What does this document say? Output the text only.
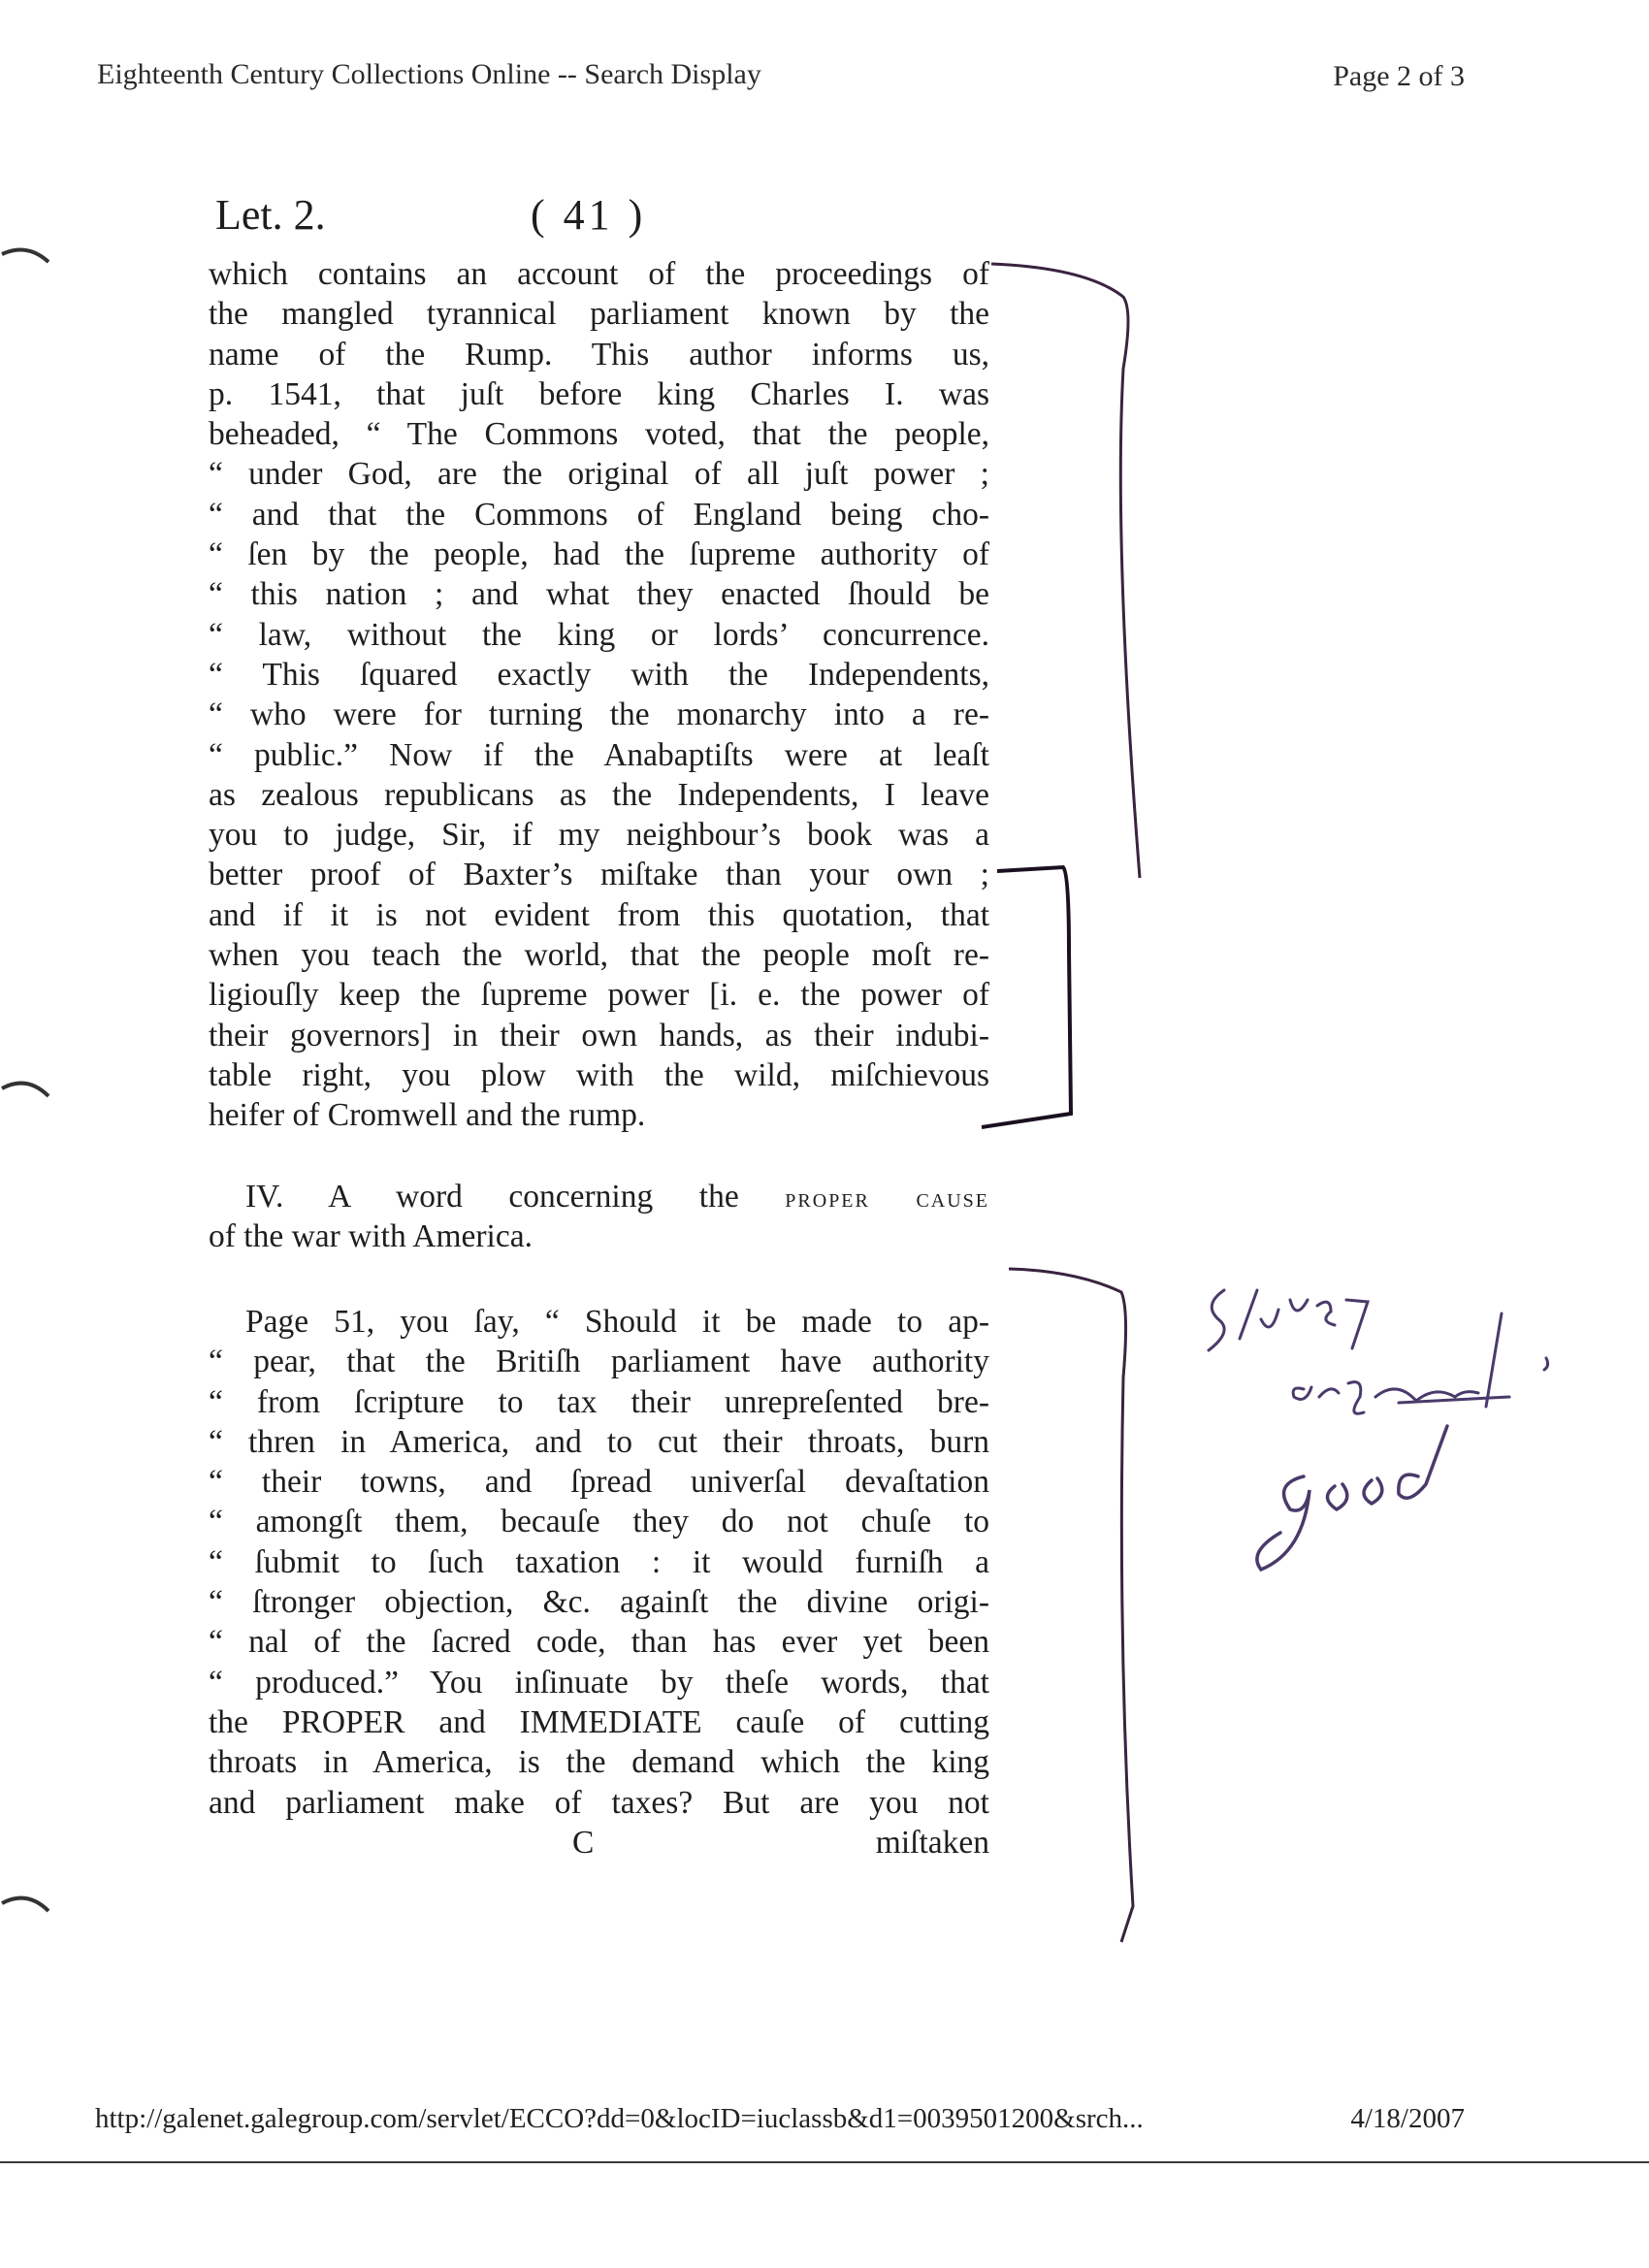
Eighteenth Century Collections Online -- Search Display	Page 2 of 3
Let. 2.	( 41 )
which contains an account of the proceedings of
the mangled tyrannical parliament known by the
name of the Rump. This author informs us,
p. 1541, that juſt before king Charles I. was
beheaded, “ The Commons voted, that the people,
“ under God, are the original of all juſt power ;
“ and that the Commons of England being cho-
“ ſen by the people, had the ſupreme authority of
“ this nation ; and what they enacted ſhould be
“ law, without the king or lords’ concurrence.
“ This ſquared exactly with the Independents,
“ who were for turning the monarchy into a re-
“ public.” Now if the Anabaptiſts were at leaſt
as zealous republicans as the Independents, I leave
you to judge, Sir, if my neighbour’s book was a
better proof of Baxter’s miſtake than your own ;
and if it is not evident from this quotation, that
when you teach the world, that the people moſt re-
ligiouſly keep the ſupreme power [i. e. the power of
their governors] in their own hands, as their indubi-
table right, you plow with the wild, miſchievous
heifer of Cromwell and the rump.
IV. A word concerning the proper cause
of the war with America.
Page 51, you ſay, “ Should it be made to ap-
“ pear, that the Britiſh parliament have authority
“ from ſcripture to tax their unrepreſented bre-
“ thren in America, and to cut their throats, burn
“ their towns, and ſpread univerſal devaſtation
“ amongſt them, becauſe they do not chuſe to
“ ſubmit to ſuch taxation : it would furniſh a
“ ſtronger objection, &c. againſt the divine origi-
“ nal of the ſacred code, than has ever yet been
“ produced.” You inſinuate by theſe words, that
the PROPER and IMMEDIATE cauſe of cutting
throats in America, is the demand which the king
and parliament make of taxes? But are you not
C	miſtaken
http://galenet.galegroup.com/servlet/ECCO?dd=0&locID=iuclassb&d1=0039501200&srch...	4/18/2007
